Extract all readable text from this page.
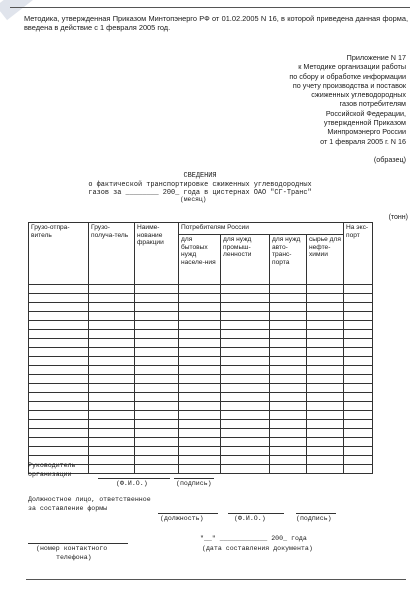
Методика, утвержденная Приказом Минтопэнерго РФ от 01.02.2005 N 16, в которой приведена данная форма, введена в действие с 1 февраля 2005 год.
Приложение N 17
к Методике организации работы
по сбору и обработке информации
по учету производства и поставок
сжиженных углеводородных
газов потребителям
Российской Федерации,
утвержденной Приказом
Минпромэнерго России
от 1 февраля 2005 г. N 16
(образец)
СВЕДЕНИЯ
о фактической транспортировке сжиженных углеводородных
газов за ________ 200_ года в цистернах ОАО "СГ-Транс"
(месяц)
(тонн)
Грузо-отпра-витель	Грузо-получа-тель	Наиме-нование фракции	Потребителям России				На экс-порт
			для бытовых нужд населе-ния	для нужд промыш-ленности	для нужд авто-транс-порта	сырье для нефте-химии	

Руководитель
организации
(Ф.И.О.)	(подпись)
Должностное лицо, ответственное
за составление формы
(должность)	(Ф.И.О.)	(подпись)
"__" ____________ 200_ года
(номер контактного
телефона)
(дата составления документа)
